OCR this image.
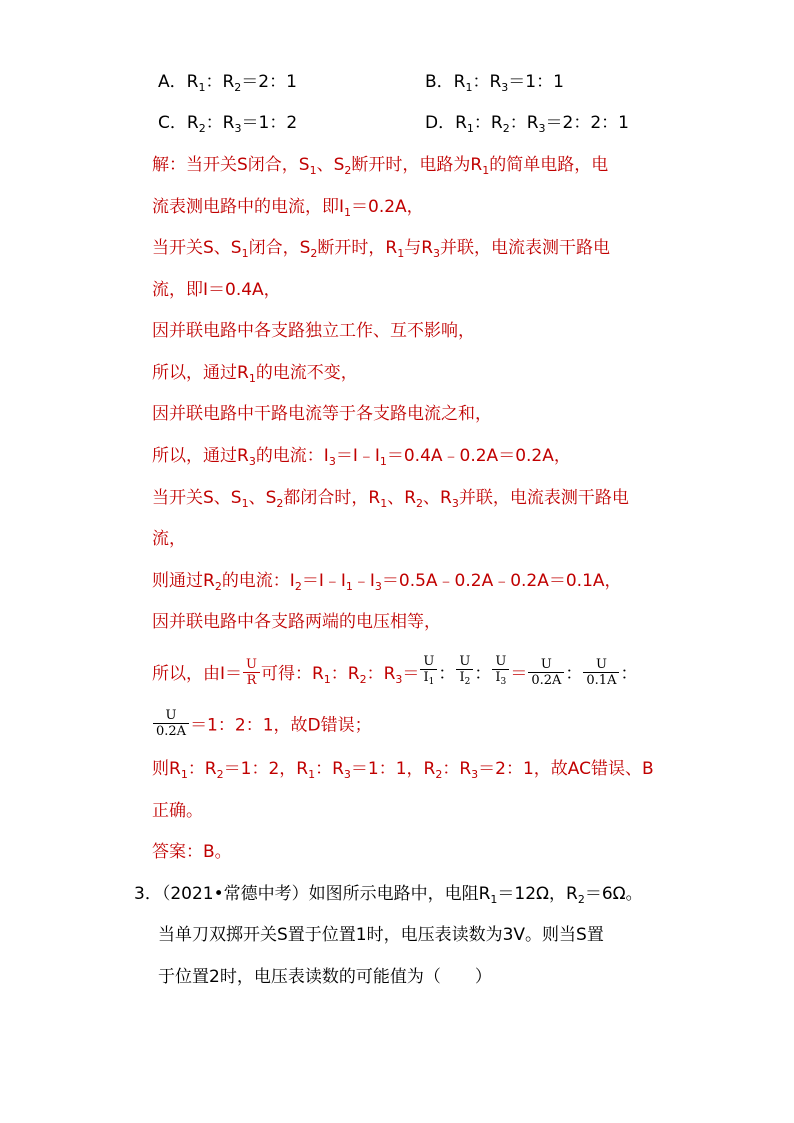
A．$R_1$：$R_2=2$：1	B．$R_1$：$R_3=1$：1
C．$R_2$：$R_3=1$：2	D．$R_1$：$R_2$：$R_3=2$：2：1
解：当开关S闭合，$S_1$、$S_2$断开时，电路为$R_1$的简单电路，电
流表测电路中的电流，即$I_1=0.2A$，
当开关S、$S_1$闭合，$S_2$断开时，$R_1$与$R_3$并联，电流表测干路电
流，即I＝0.4A，
因并联电路中各支路独立工作、互不影响，
所以，通过$R_1$的电流不变，
因并联电路中干路电流等于各支路电流之和，
所以，通过$R_3$的电流：$I_3=I﹣I_1=0.4A﹣0.2A=0.2A$，
当开关S、$S_1$、$S_2$都闭合时，$R_1$、$R_2$、$R_3$并联，电流表测干路电
流，
则通过$R_2$的电流：$I_2=I﹣I_1﹣I_3=0.5A﹣0.2A﹣0.2A=0.1A$，
因并联电路中各支路两端的电压相等，
所以，由$I= \frac{U}{R}$ 可得：$R_1$：$R_2$：$R_3= \frac{U}{I_1}$ ： $\frac{U}{I_2}$ ： $\frac{U}{I_3} = \frac{U}{0.2A}$ ： $\frac{U}{0.1A}$ ：
$\frac{U}{0.2A} =1$：2：1，故D错误；
则$R_1$：$R_2=1$：2，$R_1$：$R_3=1$：1，$R_2$：$R_3=2$：1，故AC错误、B
正确。
答案：B。
3．（2021•常德中考）如图所示电路中，电阻$R_1=12\Omega$，$R_2=6\Omega$。
当单刀双掷开关S置于位置1时，电压表读数为3V。则当S置
于位置2时，电压表读数的可能值为（　　）
